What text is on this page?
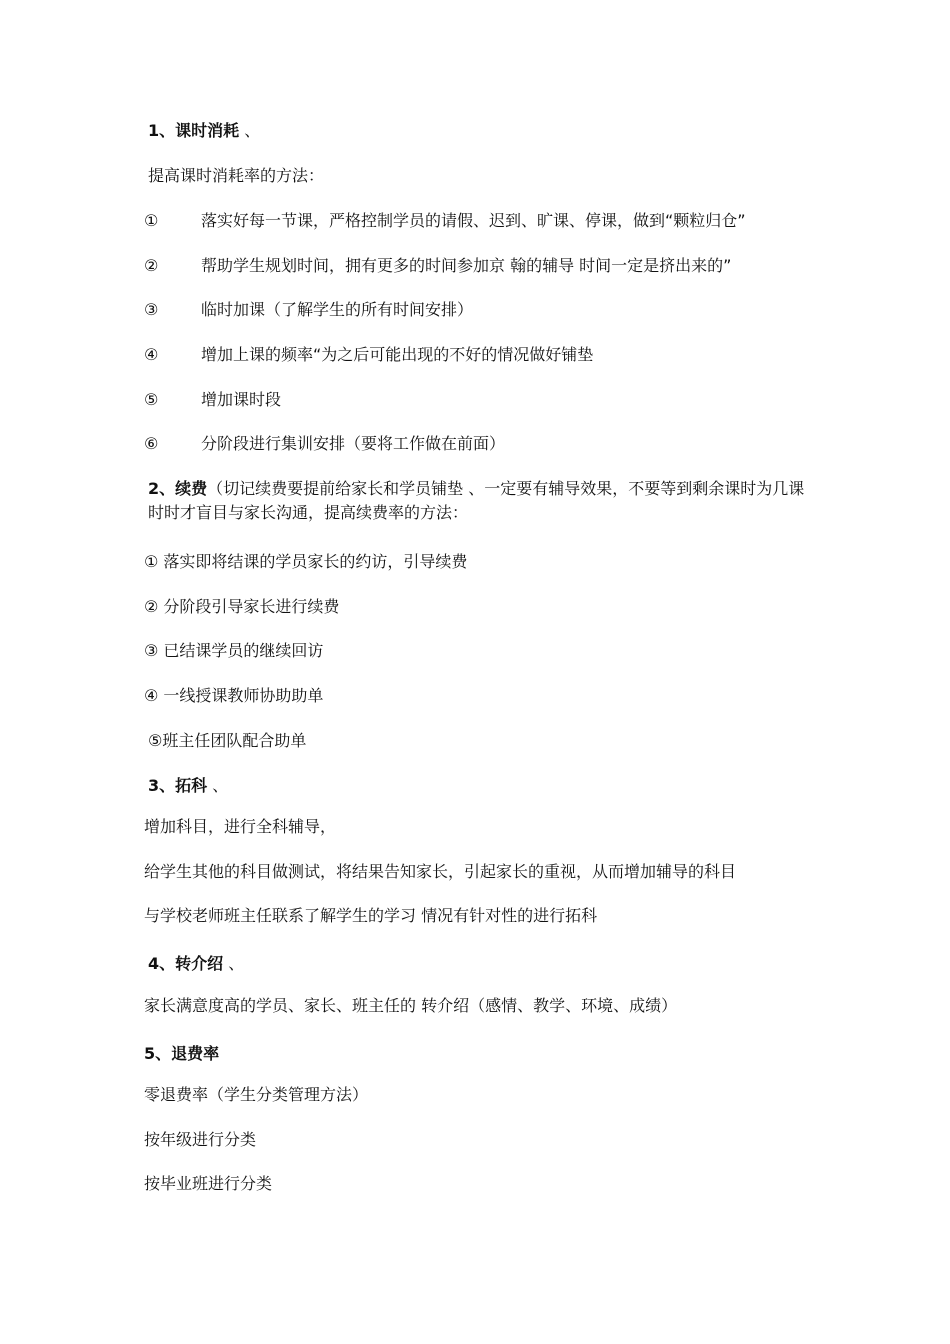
1、课时消耗 、
提高课时消耗率的方法：
①	落实好每一节课，严格控制学员的请假、迟到、旷课、停课，做到“颗粒归仓”
②	帮助学生规划时间，拥有更多的时间参加京 翰的辅导 时间一定是挤出来的”
③	临时加课（了解学生的所有时间安排）
④	增加上课的频率“为之后可能出现的不好的情况做好铺垫
⑤	增加课时段
⑥	分阶段进行集训安排（要将工作做在前面）
2、续费（切记续费要提前给家长和学员铺垫 、一定要有辅导效果，不要等到剩余课时为几课时时才盲目与家长沟通，提高续费率的方法：
① 落实即将结课的学员家长的约访，引导续费
② 分阶段引导家长进行续费
③ 已结课学员的继续回访
④ 一线授课教师协助助单
⑤班主任团队配合助单
3、拓科 、
增加科目，进行全科辅导，
给学生其他的科目做测试，将结果告知家长，引起家长的重视，从而增加辅导的科目
与学校老师班主任联系了解学生的学习 情况有针对性的进行拓科
4、转介绍 、
家长满意度高的学员、家长、班主任的 转介绍（感情、教学、环境、成绩）
5、退费率
零退费率（学生分类管理方法）
按年级进行分类
按毕业班进行分类
